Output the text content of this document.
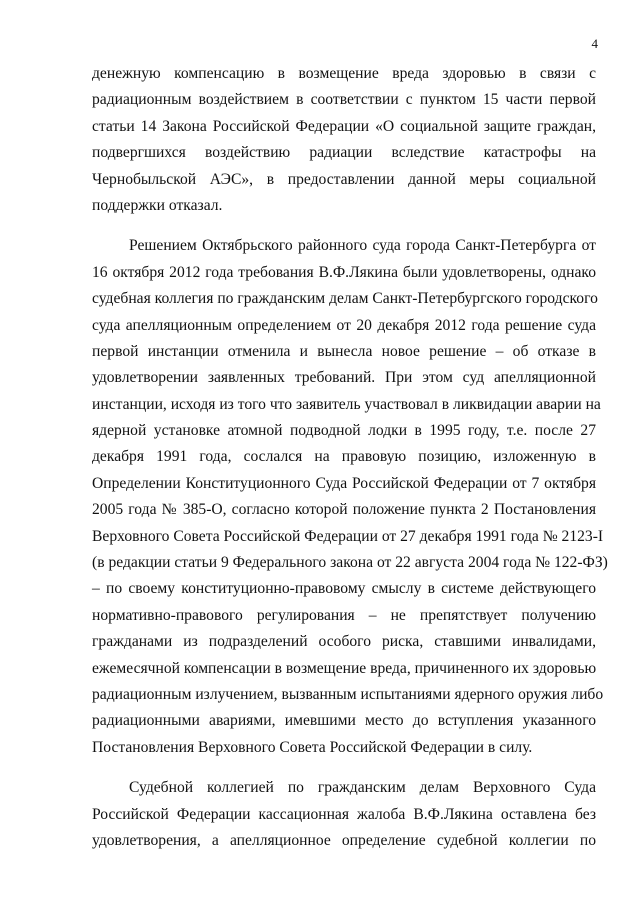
4
денежную компенсацию в возмещение вреда здоровью в связи с
радиационным воздействием в соответствии с пунктом 15 части первой
статьи 14 Закона Российской Федерации «О социальной защите граждан,
подвергшихся воздействию радиации вследствие катастрофы на
Чернобыльской АЭС», в предоставлении данной меры социальной
поддержки отказал.
Решением Октябрьского районного суда города Санкт-Петербурга от
16 октября 2012 года требования В.Ф.Лякина были удовлетворены, однако
судебная коллегия по гражданским делам Санкт-Петербургского городского
суда апелляционным определением от 20 декабря 2012 года решение суда
первой инстанции отменила и вынесла новое решение – об отказе в
удовлетворении заявленных требований. При этом суд апелляционной
инстанции, исходя из того что заявитель участвовал в ликвидации аварии на
ядерной установке атомной подводной лодки в 1995 году, т.е. после 27
декабря 1991 года, сослался на правовую позицию, изложенную в
Определении Конституционного Суда Российской Федерации от 7 октября
2005 года № 385-О, согласно которой положение пункта 2 Постановления
Верховного Совета Российской Федерации от 27 декабря 1991 года № 2123-I
(в редакции статьи 9 Федерального закона от 22 августа 2004 года № 122-ФЗ)
– по своему конституционно-правовому смыслу в системе действующего
нормативно-правового регулирования – не препятствует получению
гражданами из подразделений особого риска, ставшими инвалидами,
ежемесячной компенсации в возмещение вреда, причиненного их здоровью
радиационным излучением, вызванным испытаниями ядерного оружия либо
радиационными авариями, имевшими место до вступления указанного
Постановления Верховного Совета Российской Федерации в силу.
Судебной коллегией по гражданским делам Верховного Суда
Российской Федерации кассационная жалоба В.Ф.Лякина оставлена без
удовлетворения, а апелляционное определение судебной коллегии по
